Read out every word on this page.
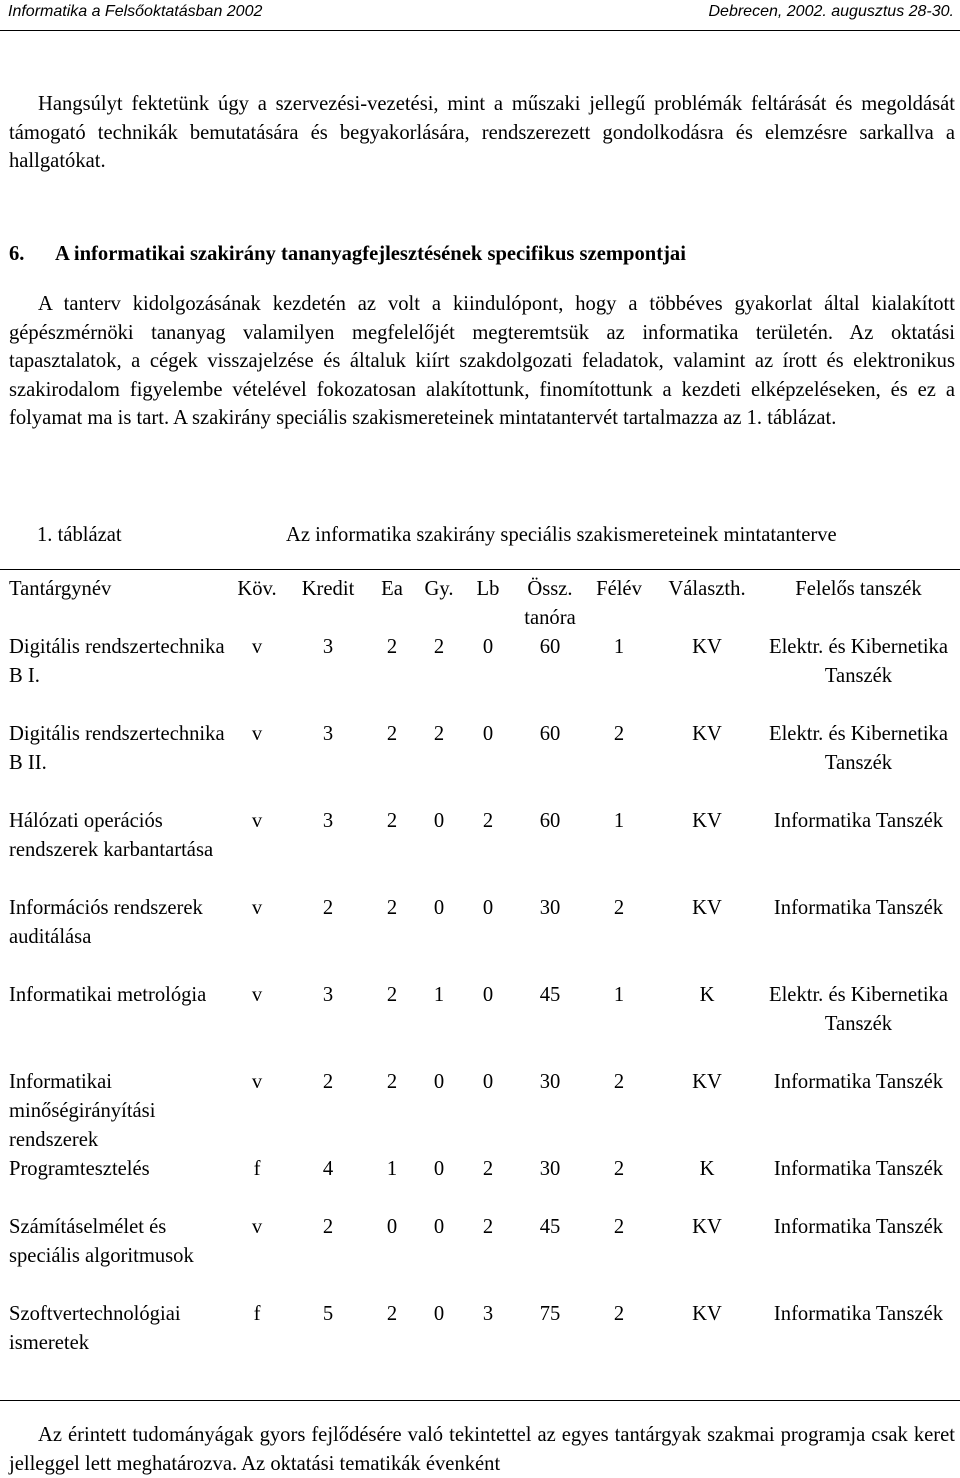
Informatika a Felsőoktatásban 2002	Debrecen, 2002. augusztus 28-30.

Hangsúlyt fektetünk úgy a szervezési-vezetési, mint a műszaki jellegű problémák feltárását és megoldását támogató technikák bemutatására és begyakorlására, rendszerezett gondolkodásra és elemzésre sarkallva a hallgatókat.

6. A informatikai szakirány tananyagfejlesztésének specifikus szempontjai

A tanterv kidolgozásának kezdetén az volt a kiindulópont, hogy a többéves gyakorlat által kialakított gépészmérnöki tananyag valamilyen megfelelőjét megteremtsük az informatika területén. Az oktatási tapasztalatok, a cégek visszajelzése és általuk kiírt szakdolgozati feladatok, valamint az írott és elektronikus szakirodalom figyelembe vételével fokozatosan alakítottunk, finomítottunk a kezdeti elképzeléseken, és ez a folyamat ma is tart. A szakirány speciális szakismereteinek mintatantervét tartalmazza az 1. táblázat.

1. táblázat	Az informatika szakirány speciális szakismereteinek mintatanterve
Tantárgynév	Köv.	Kredit	Ea	Gy.	Lb	Össz. tanóra	Félév	Választh.	Felelős tanszék
Digitális rendszertechnika B I.	v	3	2	2	0	60	1	KV	Elektr. és Kibernetika Tanszék
Digitális rendszertechnika B II.	v	3	2	2	0	60	2	KV	Elektr. és Kibernetika Tanszék
Hálózati operációs rendszerek karbantartása	v	3	2	0	2	60	1	KV	Informatika Tanszék
Információs rendszerek auditálása	v	2	2	0	0	30	2	KV	Informatika Tanszék
Informatikai metrológia	v	3	2	1	0	45	1	K	Elektr. és Kibernetika Tanszék
Informatikai minőségirányítási rendszerek	v	2	2	0	0	30	2	KV	Informatika Tanszék
Programtesztelés	f	4	1	0	2	30	2	K	Informatika Tanszék
Számításelmélet és speciális algoritmusok	v	2	0	0	2	45	2	KV	Informatika Tanszék
Szoftvertechnológiai ismeretek	f	5	2	0	3	75	2	KV	Informatika Tanszék

Az érintett tudományágak gyors fejlődésére való tekintettel az egyes tantárgyak szakmai programja csak keret jelleggel lett meghatározva. Az oktatási tematikák évenként
